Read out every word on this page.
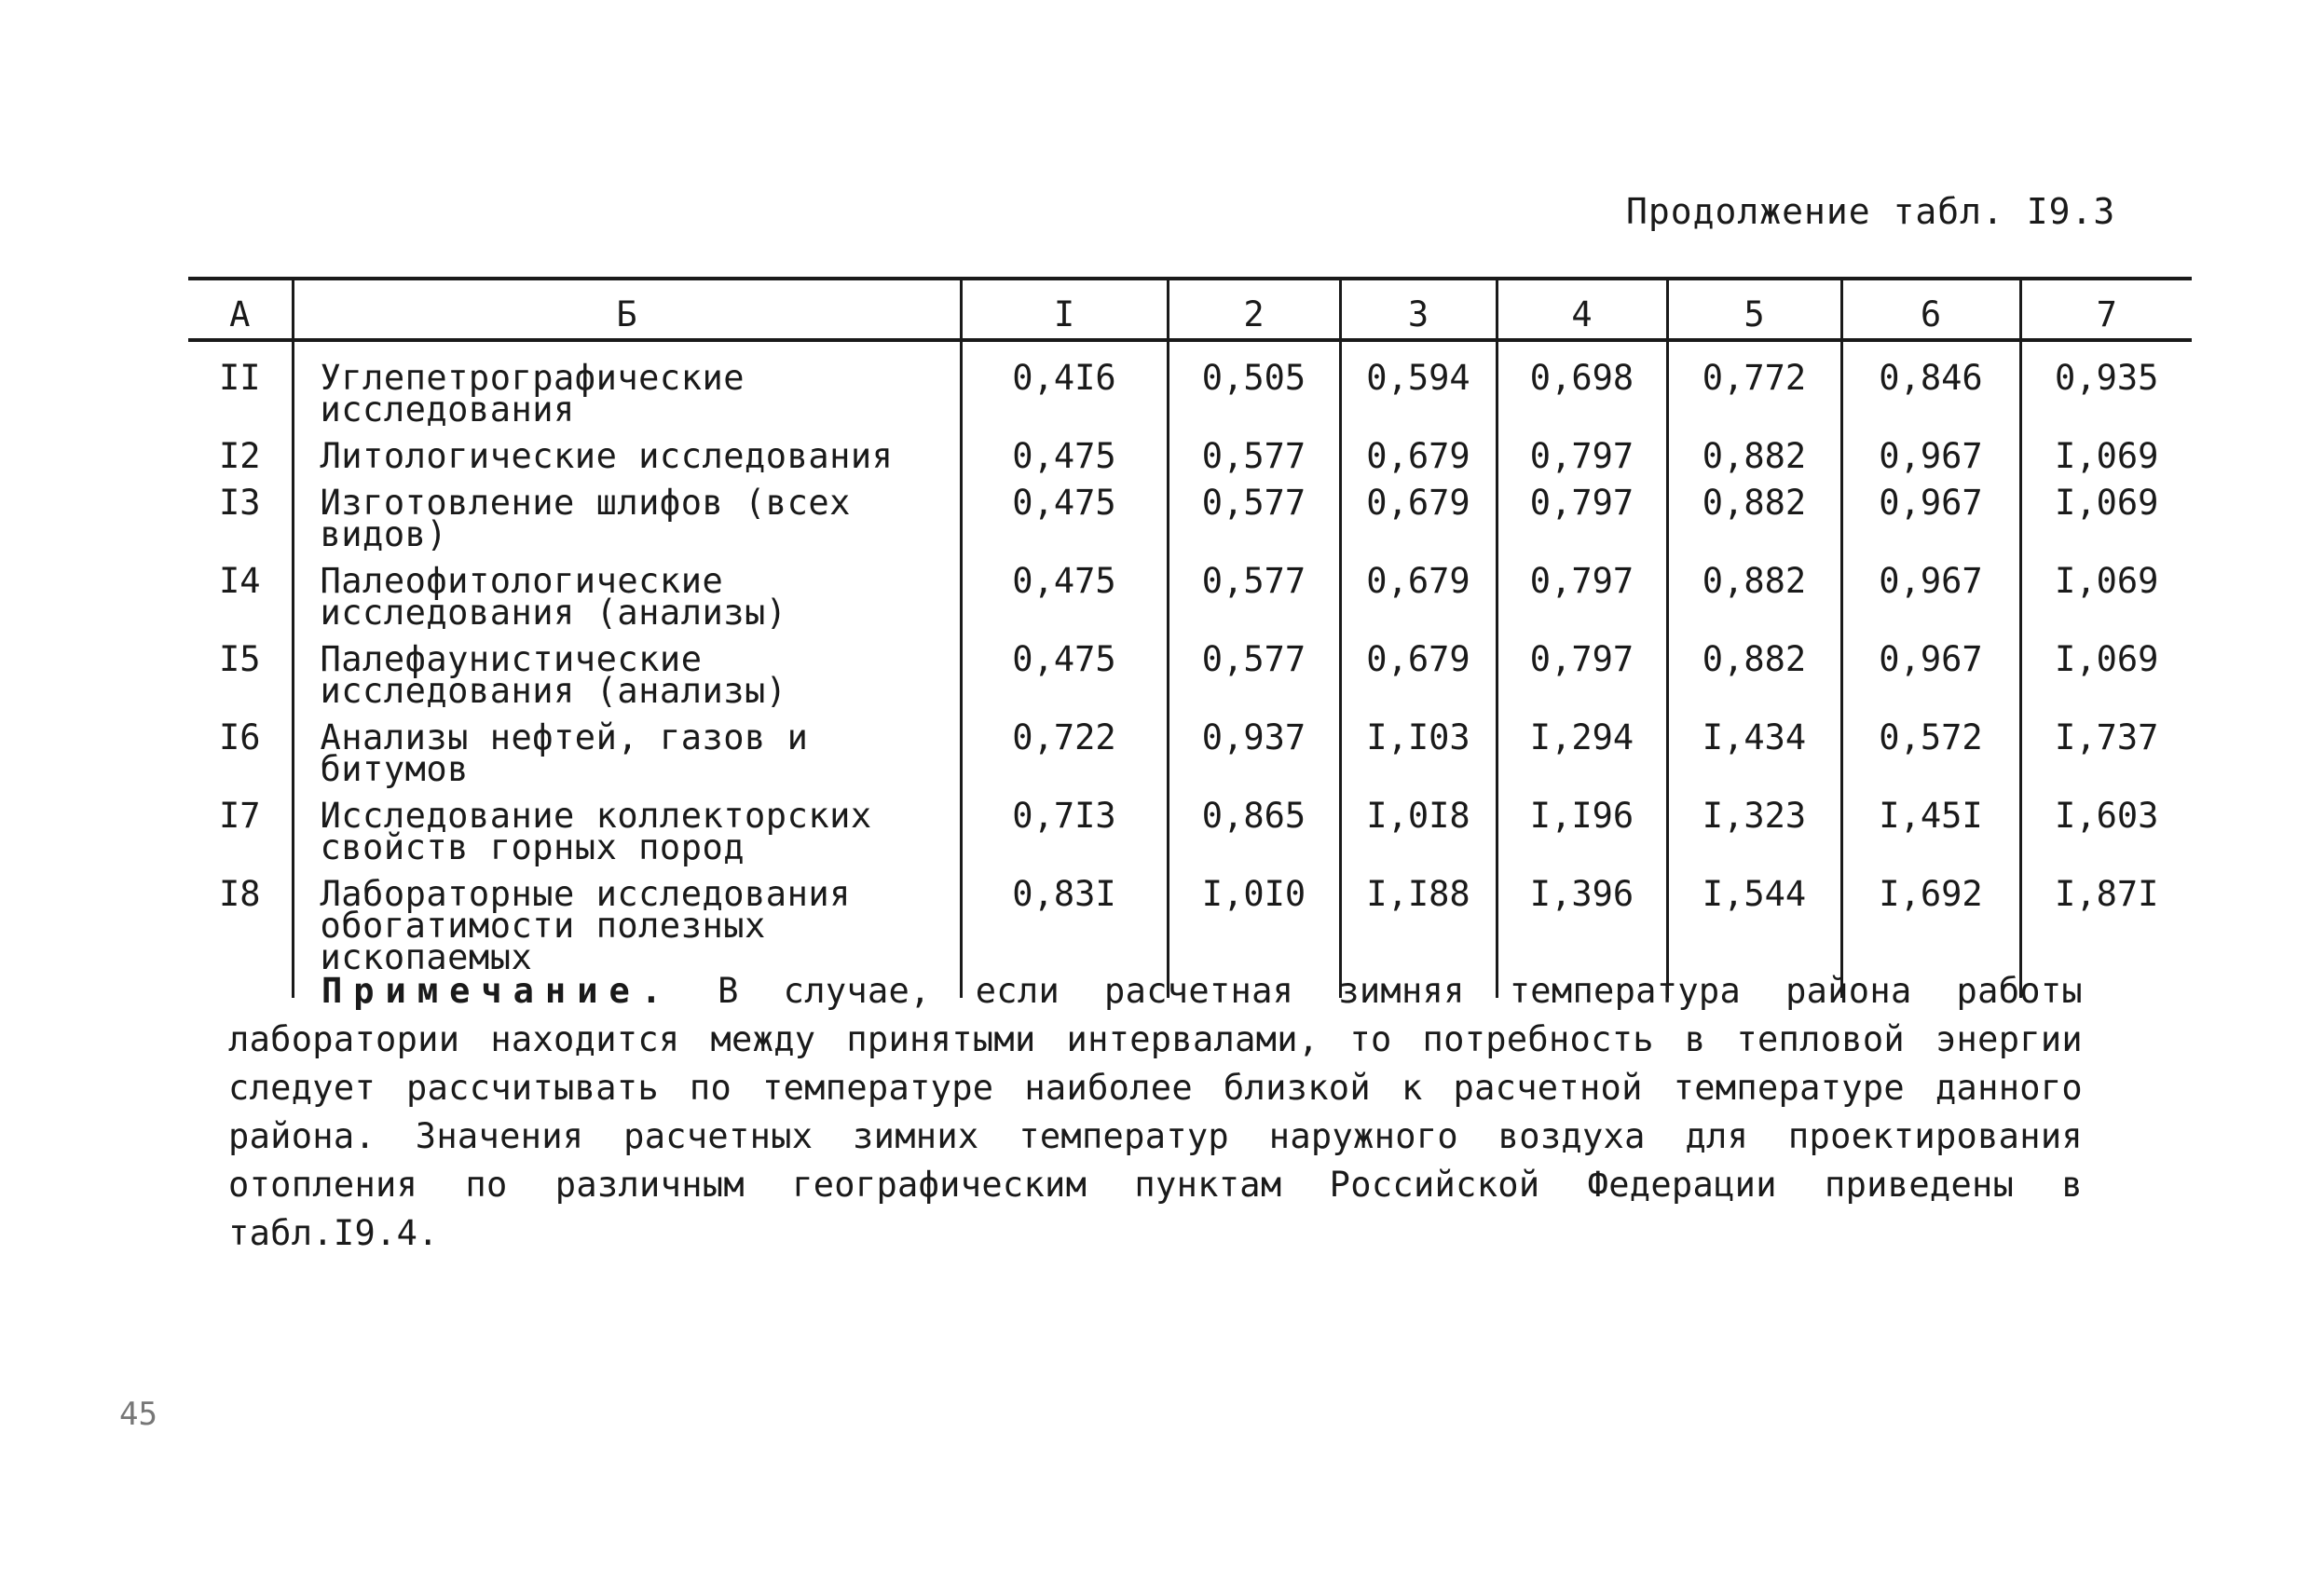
Продолжение табл. I9.3
А	Б	I	2	3	4	5	6	7
II	Углепетрографические исследования	0,4I6	0,505	0,594	0,698	0,772	0,846	0,935
I2	Литологические исследования	0,475	0,577	0,679	0,797	0,882	0,967	I,069
I3	Изготовление шлифов (всех видов)	0,475	0,577	0,679	0,797	0,882	0,967	I,069
I4	Палеофитологические исследования (анализы)	0,475	0,577	0,679	0,797	0,882	0,967	I,069
I5	Палефаунистические исследования (анализы)	0,475	0,577	0,679	0,797	0,882	0,967	I,069
I6	Анализы нефтей, газов и битумов	0,722	0,937	I,I03	I,294	I,434	0,572	I,737
I7	Исследование коллекторских свойств горных пород	0,7I3	0,865	I,0I8	I,I96	I,323	I,45I	I,603
I8	Лабораторные исследования обогатимости полезных ископаемых	0,83I	I,0I0	I,I88	I,396	I,544	I,692	I,87I

Примечание. В случае, если расчетная зимняя температура района работы лаборатории находится между принятыми интервалами, то потребность в тепловой энергии следует рассчитывать по температуре наиболее близкой к расчетной температуре данного района. Значения расчетных зимних температур наружного воздуха для проектирования отопления по различным географическим пунктам Российской Федерации приведены в табл.I9.4.

45
